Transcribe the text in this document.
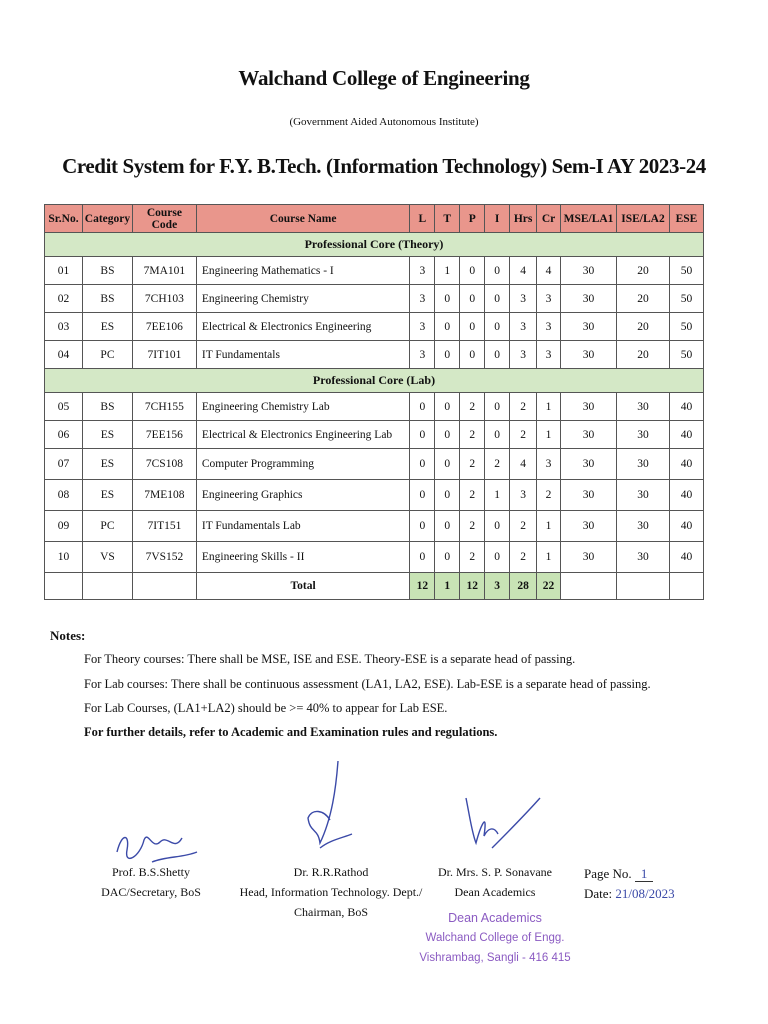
Walchand College of Engineering
(Government Aided Autonomous Institute)
Credit System for F.Y. B.Tech. (Information Technology) Sem-I AY 2023-24
Sr.No.	Category	Course Code	Course Name	L	T	P	I	Hrs	Cr	MSE/LA1	ISE/LA2	ESE
Professional Core (Theory)												
01	BS	7MA101	Engineering Mathematics - I	3	1	0	0	4	4	30	20	50
02	BS	7CH103	Engineering Chemistry	3	0	0	0	3	3	30	20	50
03	ES	7EE106	Electrical & Electronics Engineering	3	0	0	0	3	3	30	20	50
04	PC	7IT101	IT Fundamentals	3	0	0	0	3	3	30	20	50
Professional Core (Lab)												
05	BS	7CH155	Engineering Chemistry Lab	0	0	2	0	2	1	30	30	40
06	ES	7EE156	Electrical & Electronics Engineering Lab	0	0	2	0	2	1	30	30	40
07	ES	7CS108	Computer Programming	0	0	2	2	4	3	30	30	40
08	ES	7ME108	Engineering Graphics	0	0	2	1	3	2	30	30	40
09	PC	7IT151	IT Fundamentals Lab	0	0	2	0	2	1	30	30	40
10	VS	7VS152	Engineering Skills - II	0	0	2	0	2	1	30	30	40
			Total	12	1	12	3	28	22			
Notes:
For Theory courses: There shall be MSE, ISE and ESE. Theory-ESE is a separate head of passing.
For Lab courses: There shall be continuous assessment (LA1, LA2, ESE). Lab-ESE is a separate head of passing.
For Lab Courses, (LA1+LA2) should be >= 40% to appear for Lab ESE.
For further details, refer to Academic and Examination rules and regulations.
Prof. B.S.Shetty
DAC/Secretary, BoS
Dr. R.R.Rathod
Head, Information Technology. Dept./
Chairman, BoS
Dr. Mrs. S. P. Sonavane
Dean Academics
Page No. 1
Date: 21/08/2023
Dean Academics
Walchand College of Engg.
Vishrambag, Sangli - 416 415
